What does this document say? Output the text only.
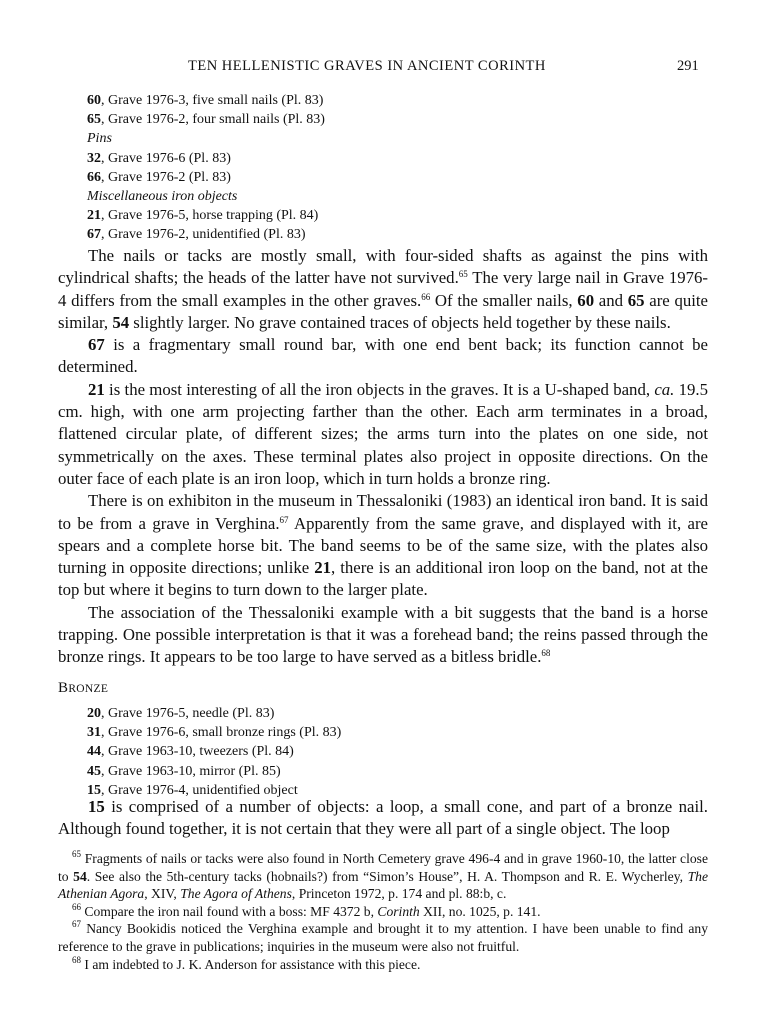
TEN HELLENISTIC GRAVES IN ANCIENT CORINTH	291
60, Grave 1976-3, five small nails (Pl. 83)
65, Grave 1976-2, four small nails (Pl. 83)
Pins
32, Grave 1976-6 (Pl. 83)
66, Grave 1976-2 (Pl. 83)
Miscellaneous iron objects
21, Grave 1976-5, horse trapping (Pl. 84)
67, Grave 1976-2, unidentified (Pl. 83)

The nails or tacks are mostly small, with four-sided shafts as against the pins with cylindrical shafts; the heads of the latter have not survived.$^{65}$ The very large nail in Grave 1976-4 differs from the small examples in the other graves.$^{66}$ Of the smaller nails, 60 and 65 are quite similar, 54 slightly larger. No grave contained traces of objects held together by these nails.

67 is a fragmentary small round bar, with one end bent back; its function cannot be determined.

21 is the most interesting of all the iron objects in the graves. It is a U-shaped band, ca. 19.5 cm. high, with one arm projecting farther than the other. Each arm terminates in a broad, flattened circular plate, of different sizes; the arms turn into the plates on one side, not symmetrically on the axes. These terminal plates also project in opposite directions. On the outer face of each plate is an iron loop, which in turn holds a bronze ring.

There is on exhibiton in the museum in Thessaloniki (1983) an identical iron band. It is said to be from a grave in Verghina.$^{67}$ Apparently from the same grave, and displayed with it, are spears and a complete horse bit. The band seems to be of the same size, with the plates also turning in opposite directions; unlike 21, there is an additional iron loop on the band, not at the top but where it begins to turn down to the larger plate.

The association of the Thessaloniki example with a bit suggests that the band is a horse trapping. One possible interpretation is that it was a forehead band; the reins passed through the bronze rings. It appears to be too large to have served as a bitless bridle.$^{68}$

BRONZE
20, Grave 1976-5, needle (Pl. 83)
31, Grave 1976-6, small bronze rings (Pl. 83)
44, Grave 1963-10, tweezers (Pl. 84)
45, Grave 1963-10, mirror (Pl. 85)
15, Grave 1976-4, unidentified object

15 is comprised of a number of objects: a loop, a small cone, and part of a bronze nail. Although found together, it is not certain that they were all part of a single object. The loop

$^{65}$ Fragments of nails or tacks were also found in North Cemetery grave 496-4 and in grave 1960-10, the latter close to 54. See also the 5th-century tacks (hobnails?) from “Simon’s House”, H. A. Thompson and R. E. Wycherley, The Athenian Agora, XIV, The Agora of Athens, Princeton 1972, p. 174 and pl. 88:b, c.

$^{66}$ Compare the iron nail found with a boss: MF 4372 b, Corinth XII, no. 1025, p. 141.

$^{67}$ Nancy Bookidis noticed the Verghina example and brought it to my attention. I have been unable to find any reference to the grave in publications; inquiries in the museum were also not fruitful.

$^{68}$ I am indebted to J. K. Anderson for assistance with this piece.
